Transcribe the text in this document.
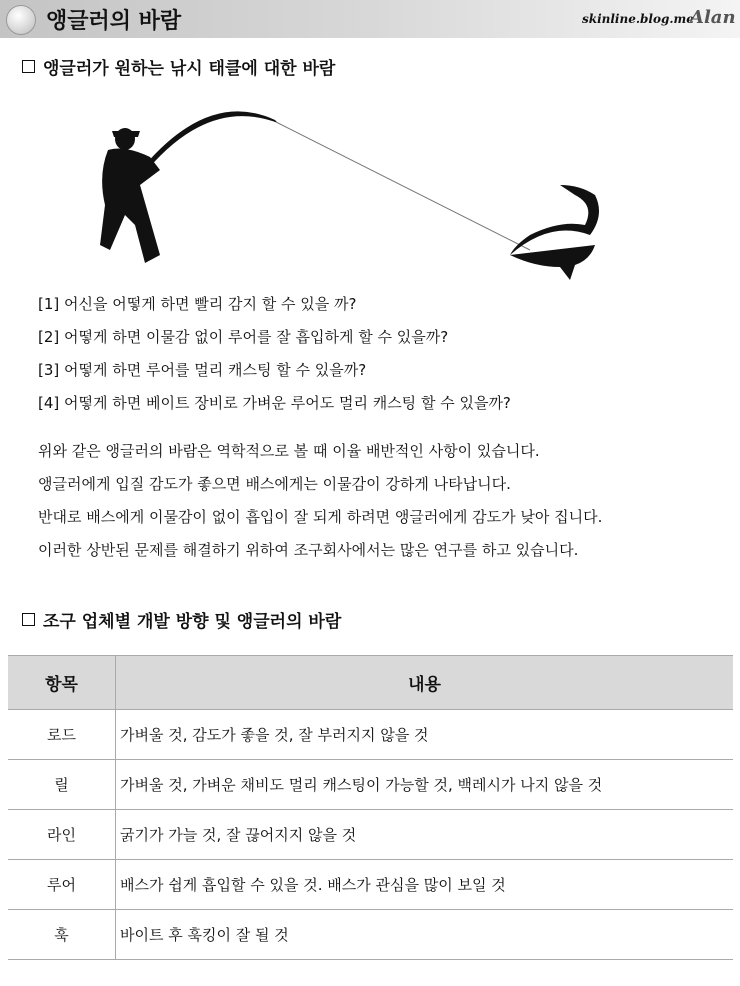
앵글러의 바람	skinline.blog.me
Alan
앵글러가 원하는 낚시 태클에 대한 바람
[1] 어신을 어떻게 하면 빨리 감지 할 수 있을 까?
[2] 어떻게 하면 이물감 없이 루어를 잘 흡입하게 할 수 있을까?
[3] 어떻게 하면 루어를 멀리 캐스팅 할 수 있을까?
[4] 어떻게 하면 베이트 장비로 가벼운 루어도 멀리 캐스팅 할 수 있을까?
위와 같은 앵글러의 바람은 역학적으로 볼 때 이율 배반적인 사항이 있습니다.
앵글러에게 입질 감도가 좋으면 배스에게는 이물감이 강하게 나타납니다.
반대로 배스에게 이물감이 없이 흡입이 잘 되게 하려면 앵글러에게 감도가 낮아 집니다.
이러한 상반된 문제를 해결하기 위하여 조구회사에서는 많은 연구를 하고 있습니다.
조구 업체별 개발 방향 및 앵글러의 바람
항목	내용
로드	가벼울 것, 감도가 좋을 것, 잘 부러지지 않을 것
릴	가벼울 것, 가벼운 채비도 멀리 캐스팅이 가능할 것, 백레시가 나지 않을 것
라인	굵기가 가늘 것, 잘 끊어지지 않을 것
루어	배스가 쉽게 흡입할 수 있을 것. 배스가 관심을 많이 보일 것
훅	바이트 후 훅킹이 잘 될 것
